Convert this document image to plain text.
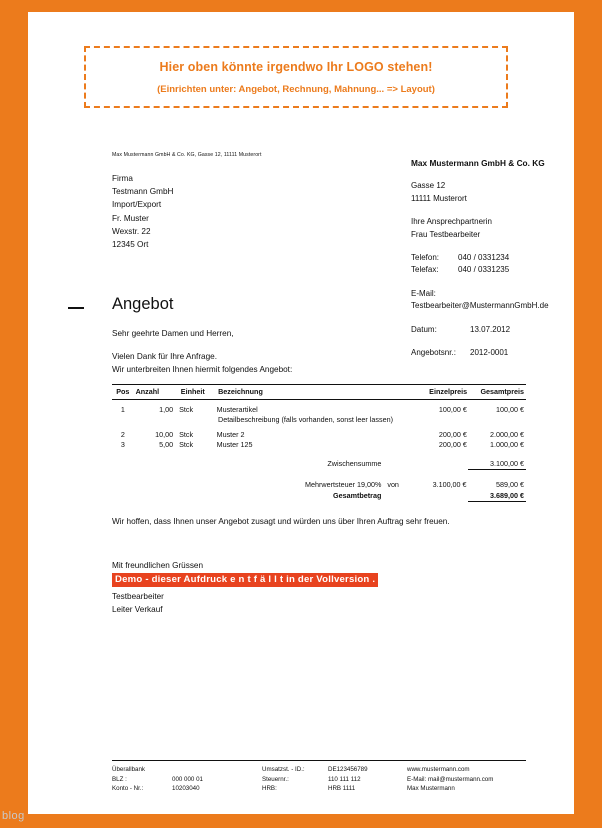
Hier oben könnte irgendwo Ihr LOGO stehen!
(Einrichten unter: Angebot, Rechnung, Mahnung... => Layout)
Max Mustermann GmbH & Co. KG, Gasse 12, 11111 Musterort
Firma
Testmann GmbH
Import/Export
Fr. Muster
Wexstr. 22
12345 Ort
Max Mustermann GmbH & Co. KG
Gasse 12
11111 Musterort
Ihre Ansprechpartnerin
Frau Testbearbeiter
Telefon:	040 / 0331234
Telefax:	040 / 0331235
E-Mail:
Testbearbeiter@MustermannGmbH.de
Datum:	13.07.2012
Angebotsnr.:	2012-0001
Angebot
Sehr geehrte Damen und Herren,
Vielen Dank für Ihre Anfrage.
Wir unterbreiten Ihnen hiermit folgendes Angebot:
Pos Anzahl	Einheit	Bezeichnung	Einzelpreis	Gesamtpreis
1	1,00 Stck	Musterartikel	100,00 €	100,00 €
Detailbeschreibung (falls vorhanden, sonst leer lassen)
2	10,00 Stck	Muster 2	200,00 €	2.000,00 €
3	5,00 Stck	Muster 125	200,00 €	1.000,00 €
Zwischensumme	3.100,00 €
Mehrwertsteuer 19,00% von	3.100,00 €	589,00 €
Gesamtbetrag	3.689,00 €
Wir hoffen, dass Ihnen unser Angebot zusagt und würden uns über Ihren Auftrag sehr freuen.
Mit freundlichen Grüssen
Demo - dieser Aufdruck e n t f ä l l t in der Vollversion .
Testbearbeiter
Leiter Verkauf
Überallbank
BLZ :	000 000 01
Konto - Nr.:	10203040
Umsatzst. - ID.:	DE123456789
Steuernr.:	110 111 112
HRB:	HRB 1111
www.mustermann.com
E-Mail: mail@mustermann.com
Max Mustermann
blog
